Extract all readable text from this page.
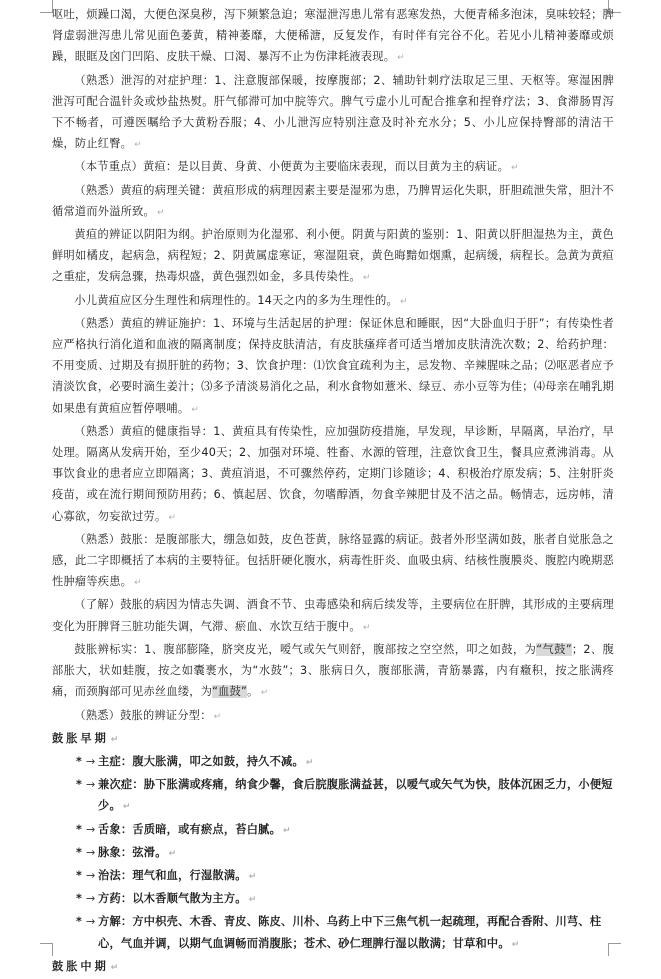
呕吐，烦躁口渴，大便色深臭秽，泻下频繁急迫；寒湿泄泻患儿常有恶寒发热，大便青稀多泡沫，臭味较轻；脾肾虚弱泄泻患儿常见面色萎黄，精神萎靡，大便稀溏，反复发作，有时伴有完谷不化。若见小儿精神萎靡或烦躁，眼眶及囟门凹陷、皮肤干燥、口渴、暴泻不止为伤津耗液表现。 ↵

（熟悉）泄泻的对症护理：1、注意腹部保暖，按摩腹部；2、辅助针刺疗法取足三里、天枢等。寒湿困脾泄泻可配合温针灸或炒盐热熨。肝气郁滞可加中脘等穴。脾气亏虚小儿可配合推拿和捏脊疗法；3、食滞肠胃泻下不畅者，可遵医嘱给予大黄粉吞服；4、小儿泄泻应特别注意及时补充水分；5、小儿应保持臀部的清洁干燥，防止红臀。 ↵

（本节重点）黄疸：是以目黄、身黄、小便黄为主要临床表现，而以目黄为主的病证。 ↵

（熟悉）黄疸的病理关键：黄疸形成的病理因素主要是湿邪为患，乃脾胃运化失职，肝胆疏泄失常，胆汁不循常道而外溢所致。 ↵

黄疸的辨证以阴阳为纲。护治原则为化湿邪、利小便。阴黄与阳黄的鉴别：1、阳黄以肝胆湿热为主，黄色鲜明如橘皮，起病急，病程短；2、阴黄属虚寒证，寒湿阻衰，黄色晦黯如烟熏，起病缓，病程长。急黄为黄疸之重症，发病急骤，热毒炽盛，黄色强烈如金，多具传染性。 ↵

小儿黄疸应区分生理性和病理性的。14天之内的多为生理性的。 ↵

（熟悉）黄疸的辨证施护：1、环境与生活起居的护理：保证休息和睡眠，因“大卧血归于肝”；有传染性者应严格执行消化道和血液的隔离制度；保持皮肤清洁，有皮肤瘙痒者可适当增加皮肤清洗次数；2、给药护理：不用变质、过期及有损肝脏的药物；3、饮食护理：⑴饮食宜疏利为主，忌发物、辛辣腥味之品；⑵呕恶者应予清淡饮食，必要时滴生姜汁；⑶多予清淡易消化之品，利水食物如薏米、绿豆、赤小豆等为佳；⑷母亲在哺乳期如果患有黄疸应暂停喂哺。 ↵

（熟悉）黄疸的健康指导：1、黄疸具有传染性，应加强防疫措施，早发现，早诊断，早隔离，早治疗，早处理。隔离从发病开始，至少40天；2、加强对环境、牲畜、水源的管理，注意饮食卫生，餐具应煮沸消毒。从事饮食业的患者应立即隔离；3、黄疸消退，不可骤然停药，定期门诊随诊；4、积极治疗原发病；5、注射肝炎疫苗，或在流行期间预防用药；6、慎起居、饮食，勿嗜醇酒，勿食辛辣肥甘及不洁之品。畅情志，远房帏，清心寡欲，勿妄欲过劳。 ↵

（熟悉）鼓胀：是腹部胀大，绷急如鼓，皮色苍黄，脉络显露的病证。鼓者外形坚满如鼓，胀者自觉胀急之感，此二字即概括了本病的主要特征。包括肝硬化腹水，病毒性肝炎、血吸虫病、结核性腹膜炎、腹腔内晚期恶性肿瘤等疾患。 ↵

（了解）鼓胀的病因为情志失调、酒食不节、虫毒感染和病后续发等，主要病位在肝脾，其形成的主要病理变化为肝脾肾三脏功能失调，气滞、瘀血、水饮互结于腹中。 ↵

鼓胀辨标实：1、腹部膨隆，脐突皮光，嗳气或矢气则舒，腹部按之空空然，叩之如鼓，为“气鼓”；2、腹部胀大，状如蛙腹，按之如囊裹水，为“水鼓”；3、胀病日久，腹部胀满，青筋暴露，内有癥积，按之胀满疼痛，而颈胸部可见赤丝血缕，为“血鼓”。 ↵

（熟悉）鼓胀的辨证分型： ↵

鼓胀早期 ↵

* → 主症：腹大胀满，叩之如鼓，持久不减。 ↵

* → 兼次症：胁下胀满或疼痛，纳食少馨，食后脘腹胀满益甚，以嗳气或矢气为快，肢体沉困乏力，小便短少。 ↵

* → 舌象：舌质暗，或有瘀点，苔白腻。 ↵

* → 脉象：弦滑。 ↵

* → 治法：理气和血，行湿散满。 ↵

* → 方药：以木香顺气散为主方。 ↵

* → 方解：方中枳壳、木香、青皮、陈皮、川朴、乌药上中下三焦气机一起疏理，再配合香附、川芎、柱心，气血并调，以期气血调畅而消腹胀；苍术、砂仁理脾行湿以散满；甘草和中。 ↵

鼓胀中期 ↵
